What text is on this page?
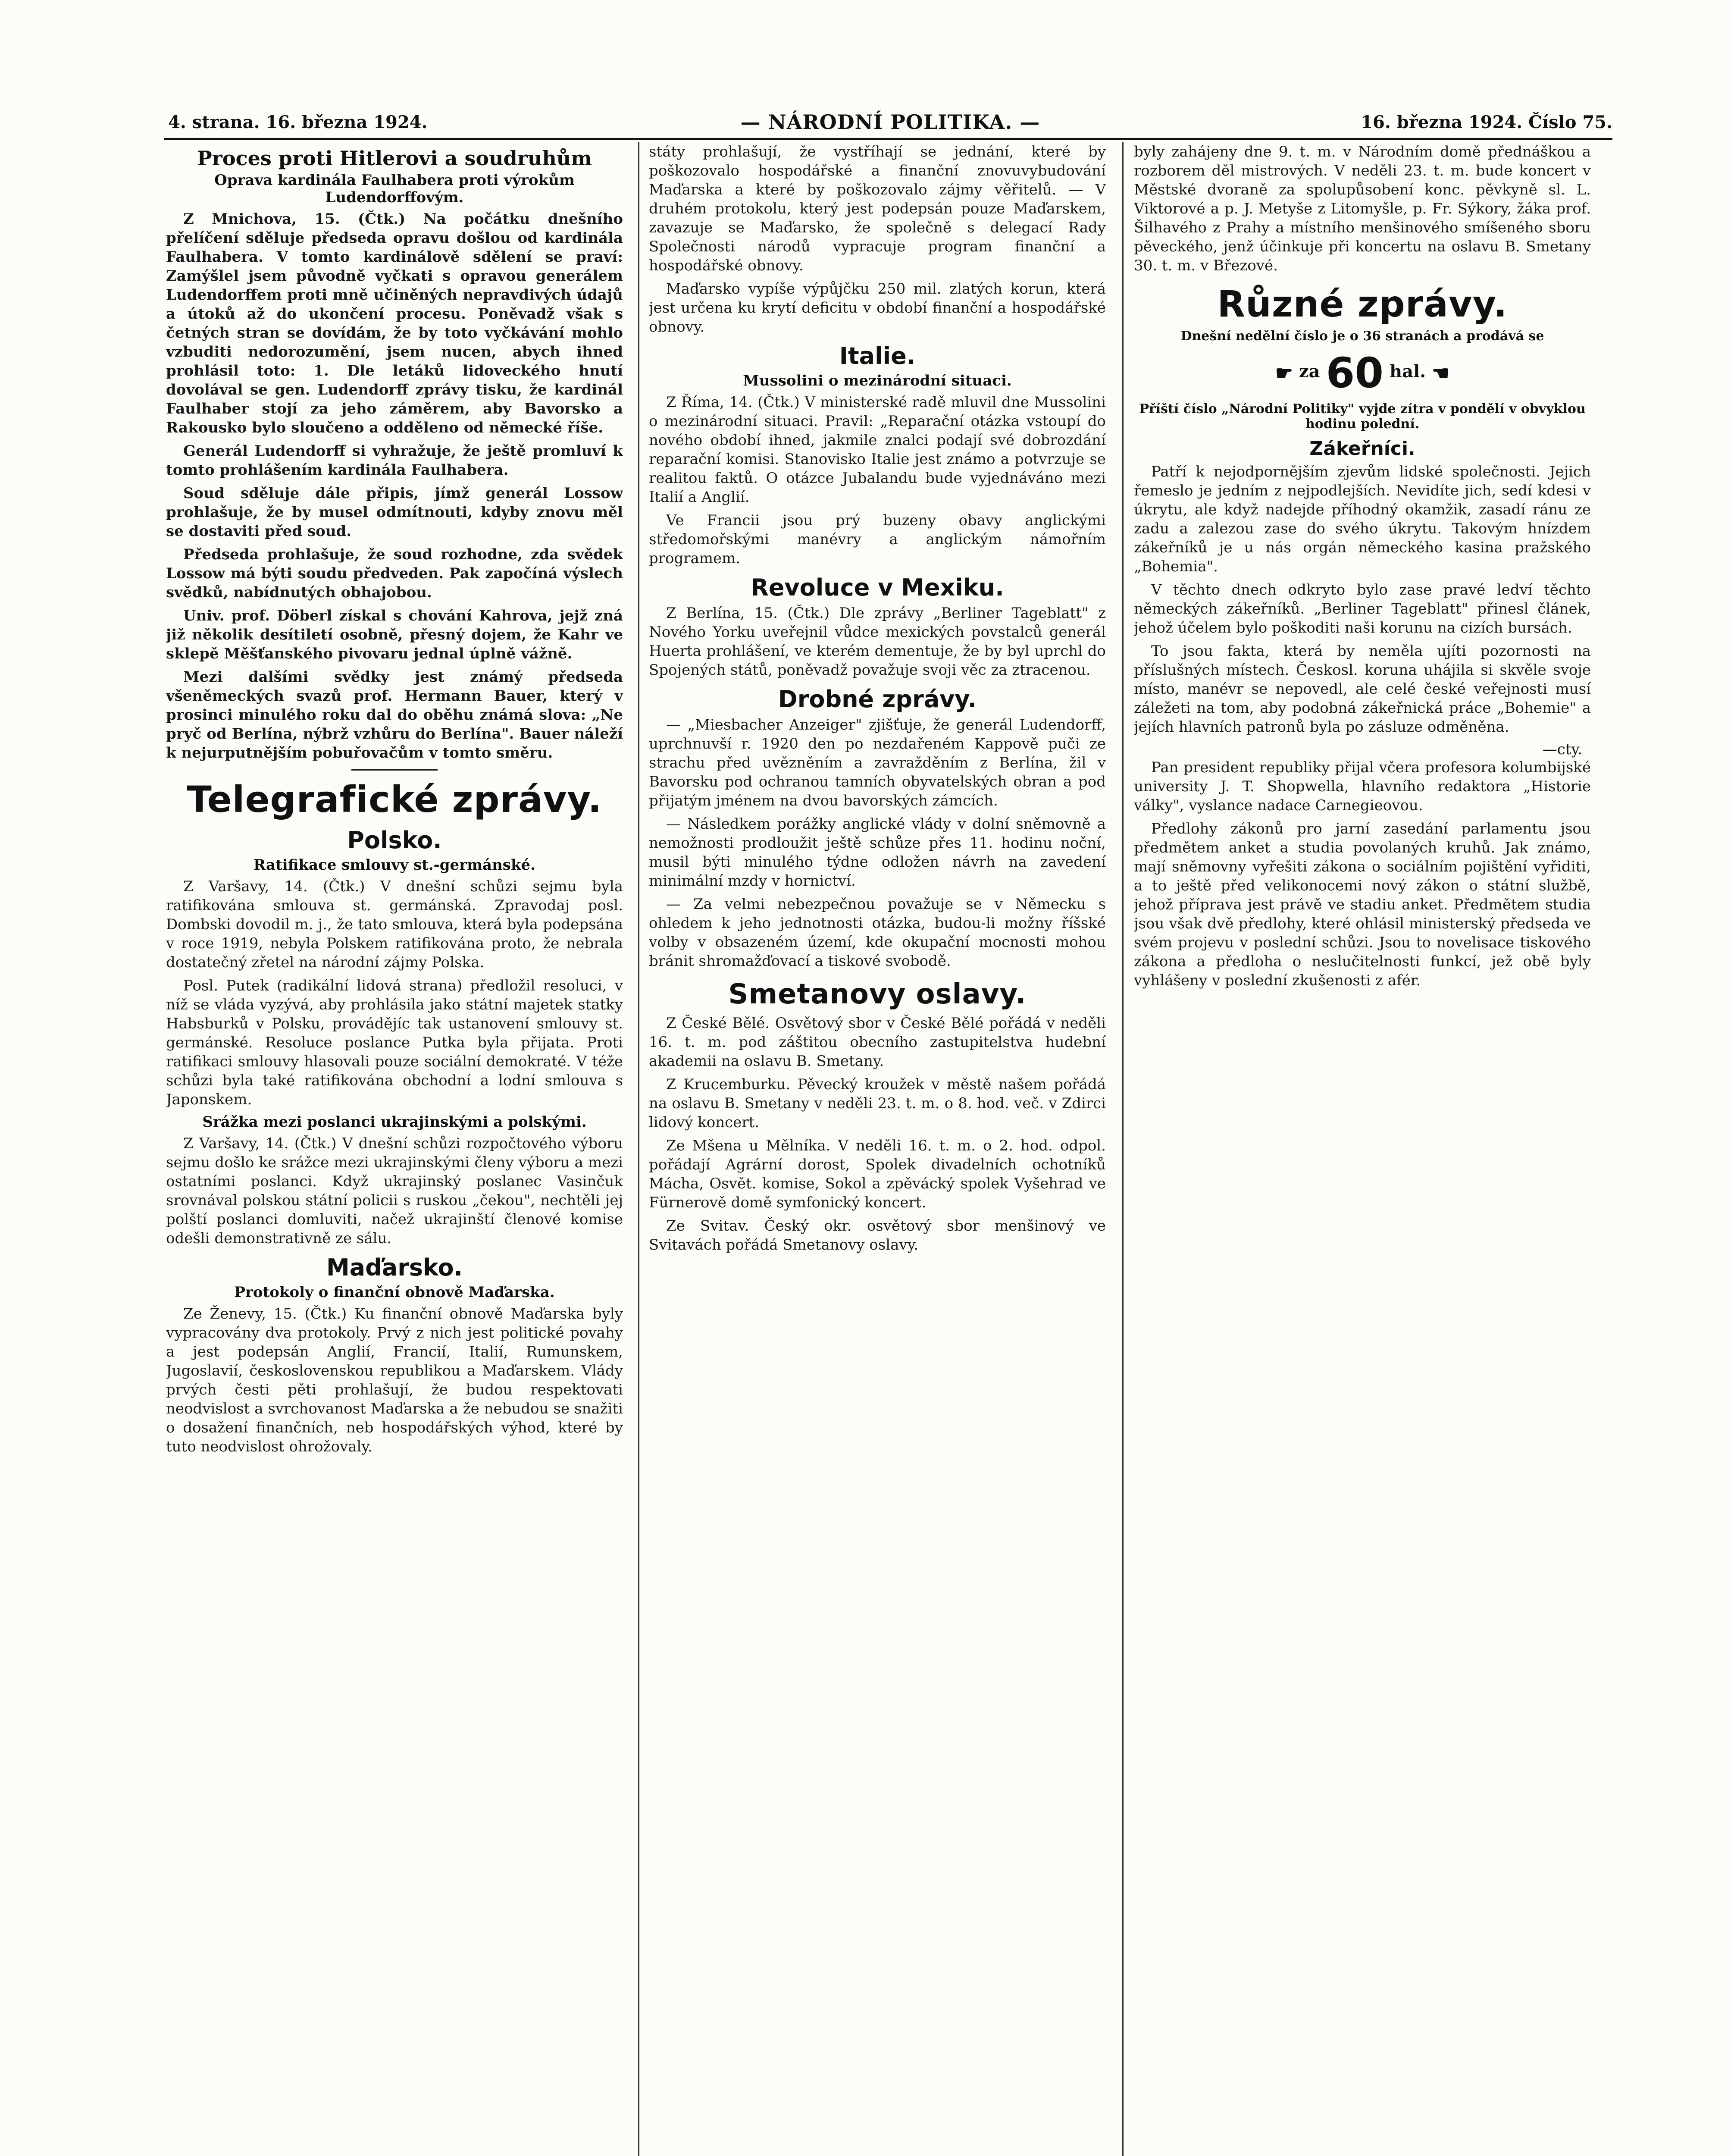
4. strana. 16. března 1924.	— NÁRODNÍ POLITIKA. —	16. března 1924. Číslo 75.
Proces proti Hitlerovi a soudruhům
Oprava kardinála Faulhabera proti výrokům Ludendorffovým.

Z Mnichova, 15. (Čtk.) Na počátku dnešního přelíčení sděluje předseda opravu došlou od kardinála Faulhabera. V tomto kardinálově sdělení se praví: Zamýšlel jsem původně vyčkati s opravou generálem Ludendorffem proti mně učiněných nepravdivých údajů a útoků až do ukončení procesu. Poněvadž však s četných stran se dovídám, že by toto vyčkávání mohlo vzbuditi nedorozumění, jsem nucen, abych ihned prohlásil toto: 1. Dle letáků lidoveckého hnutí dovolával se gen. Ludendorff zprávy tisku, že kardinál Faulhaber stojí za jeho záměrem, aby Bavorsko a Rakousko bylo sloučeno a odděleno od německé říše.

Generál Ludendorff si vyhražuje, že ještě promluví k tomto prohlášením kardinála Faulhabera.

Soud sděluje dále připis, jímž generál Lossow prohlašuje, že by musel odmítnouti, kdyby znovu měl se dostaviti před soud.

Předseda prohlašuje, že soud rozhodne, zda svědek Lossow má býti soudu předveden. Pak započíná výslech svědků, nabídnutých obhajobou.

Univ. prof. Döberl získal s chování Kahrova, jejž zná již několik desítiletí osobně, přesný dojem, že Kahr ve sklepě Měšťanského pivovaru jednal úplně vážně.

Mezi dalšími svědky jest známý předseda všeněmeckých svazů prof. Hermann Bauer, který v prosinci minulého roku dal do oběhu známá slova: „Ne pryč od Berlína, nýbrž vzhůru do Berlína". Bauer náleží k nejurputnějším pobuřovačům v tomto směru.

Telegrafické zprávy.
Polsko.
Ratifikace smlouvy st.-germánské.

Z Varšavy, 14. (Čtk.) V dnešní schůzi sejmu byla ratifikována smlouva st. germánská. Zpravodaj posl. Dombski dovodil m. j., že tato smlouva, která byla podepsána v roce 1919, nebyla Polskem ratifikována proto, že nebrala dostatečný zřetel na národní zájmy Polska.

Posl. Putek (radikální lidová strana) předložil resoluci, v níž se vláda vyzývá, aby prohlásila jako státní majetek statky Habsburků v Polsku, provádějíc tak ustanovení smlouvy st. germánské. Resoluce poslance Putka byla přijata. Proti ratifikaci smlouvy hlasovali pouze sociální demokraté. V téže schůzi byla také ratifikována obchodní a lodní smlouva s Japonskem.

Srážka mezi poslanci ukrajinskými a polskými.

Z Varšavy, 14. (Čtk.) V dnešní schůzi rozpočtového výboru sejmu došlo ke srážce mezi ukrajinskými členy výboru a mezi ostatními poslanci. Když ukrajinský poslanec Vasinčuk srovnával polskou státní policii s ruskou „čekou", nechtěli jej polští poslanci domluviti, načež ukrajinští členové komise odešli demonstrativně ze sálu.

Maďarsko.
Protokoly o finanční obnově Maďarska.

Ze Ženevy, 15. (Čtk.) Ku finanční obnově Maďarska byly vypracovány dva protokoly. Prvý z nich jest politické povahy a jest podepsán Anglií, Francií, Italií, Rumunskem, Jugoslavií, československou republikou a Maďarskem. Vlády prvých česti pěti prohlašují, že budou respektovati neodvislost a svrchovanost Maďarska a že nebudou se snažiti o dosažení finančních, neb hospodářských výhod, které by tuto neodvislost ohrožovaly.

státy prohlašují, že vystříhají se jednání, které by poškozovalo hospodářské a finanční znovuvybudování Maďarska a které by poškozovalo zájmy věřitelů. — V druhém protokolu, který jest podepsán pouze Maďarskem, zavazuje se Maďarsko, že společně s delegací Rady Společnosti národů vypracuje program finanční a hospodářské obnovy.

Maďarsko vypíše výpůjčku 250 mil. zlatých korun, která jest určena ku krytí deficitu v období finanční a hospodářské obnovy.

Italie.
Mussolini o mezinárodní situaci.

Z Říma, 14. (Čtk.) V ministerské radě mluvil dne Mussolini o mezinárodní situaci. Pravil: „Reparační otázka vstoupí do nového období ihned, jakmile znalci podají své dobrozdání reparační komisi. Stanovisko Italie jest známo a potvrzuje se realitou faktů. O otázce Jubalandu bude vyjednáváno mezi Italií a Anglií.

Ve Francii jsou prý buzeny obavy anglickými středomořskými manévry a anglickým námořním programem.

Revoluce v Mexiku.

Z Berlína, 15. (Čtk.) Dle zprávy „Berliner Tageblatt" z Nového Yorku uveřejnil vůdce mexických povstalců generál Huerta prohlášení, ve kterém dementuje, že by byl uprchl do Spojených států, poněvadž považuje svoji věc za ztracenou.

Drobné zprávy.

— „Miesbacher Anzeiger" zjišťuje, že generál Ludendorff, uprchnuvší r. 1920 den po nezdařeném Kappově puči ze strachu před uvězněním a zavražděním z Berlína, žil v Bavorsku pod ochranou tamních obyvatelských obran a pod přijatým jménem na dvou bavorských zámcích.

— Následkem porážky anglické vlády v dolní sněmovně a nemožnosti prodloužit ještě schůze přes 11. hodinu noční, musil býti minulého týdne odložen návrh na zavedení minimální mzdy v hornictví.

— Za velmi nebezpečnou považuje se v Německu s ohledem k jeho jednotnosti otázka, budou-li možny říšské volby v obsazeném území, kde okupační mocnosti mohou bránit shromažďovací a tiskové svobodě.

Smetanovy oslavy.

Z České Bělé. Osvětový sbor v České Bělé pořádá v neděli 16. t. m. pod záštitou obecního zastupitelstva hudební akademii na oslavu B. Smetany.

Z Krucemburku. Pěvecký kroužek v městě našem pořádá na oslavu B. Smetany v neděli 23. t. m. o 8. hod. več. v Zdirci lidový koncert.

Ze Mšena u Mělníka. V neděli 16. t. m. o 2. hod. odpol. pořádají Agrární dorost, Spolek divadelních ochotníků Mácha, Osvět. komise, Sokol a zpěvácký spolek Vyšehrad ve Fürnerově domě symfonický koncert.

Ze Svitav. Český okr. osvětový sbor menšinový ve Svitavách pořádá Smetanovy oslavy.

byly zahájeny dne 9. t. m. v Národním domě přednáškou a rozborem děl mistrových. V neděli 23. t. m. bude koncert v Městské dvoraně za spolupůsobení konc. pěvkyně sl. L. Viktorové a p. J. Metyše z Litomyšle, p. Fr. Sýkory, žáka prof. Šilhavého z Prahy a místního menšinového smíšeného sboru pěveckého, jenž účinkuje při koncertu na oslavu B. Smetany 30. t. m. v Březové.

Různé zprávy.
Dnešní nedělní číslo je o 36 stranách a prodává se
☛ za 60 hal. ☚
Příští číslo „Národní Politiky" vyjde zítra v pondělí v obvyklou hodinu polední.
Zákeřníci.

Patří k nejodpornějším zjevům lidské společnosti. Jejich řemeslo je jedním z nejpodlejších. Nevidíte jich, sedí kdesi v úkrytu, ale když nadejde příhodný okamžik, zasadí ránu ze zadu a zalezou zase do svého úkrytu. Takovým hnízdem zákeřníků je u nás orgán německého kasina pražského „Bohemia".

V těchto dnech odkryto bylo zase pravé ledví těchto německých zákeřníků. „Berliner Tageblatt" přinesl článek, jehož účelem bylo poškoditi naši korunu na cizích bursách.

To jsou fakta, která by neměla ujíti pozornosti na příslušných místech. Českosl. koruna uhájila si skvěle svoje místo, manévr se nepovedl, ale celé české veřejnosti musí záležeti na tom, aby podobná zákeřnická práce „Bohemie" a jejích hlavních patronů byla po zásluze odměněna.

—cty.

Pan president republiky přijal včera profesora kolumbijské university J. T. Shopwella, hlavního redaktora „Historie války", vyslance nadace Carnegieovou.

Předlohy zákonů pro jarní zasedání parlamentu jsou předmětem anket a studia povolaných kruhů. Jak známo, mají sněmovny vyřešiti zákona o sociálním pojištění vyřiditi, a to ještě před velikonocemi nový zákon o státní službě, jehož příprava jest právě ve stadiu anket. Předmětem studia jsou však dvě předlohy, které ohlásil ministerský předseda ve svém projevu v poslední schůzi. Jsou to novelisace tiskového zákona a předloha o neslučitelnosti funkcí, jež obě byly vyhlášeny v poslední zkušenosti z afér.
